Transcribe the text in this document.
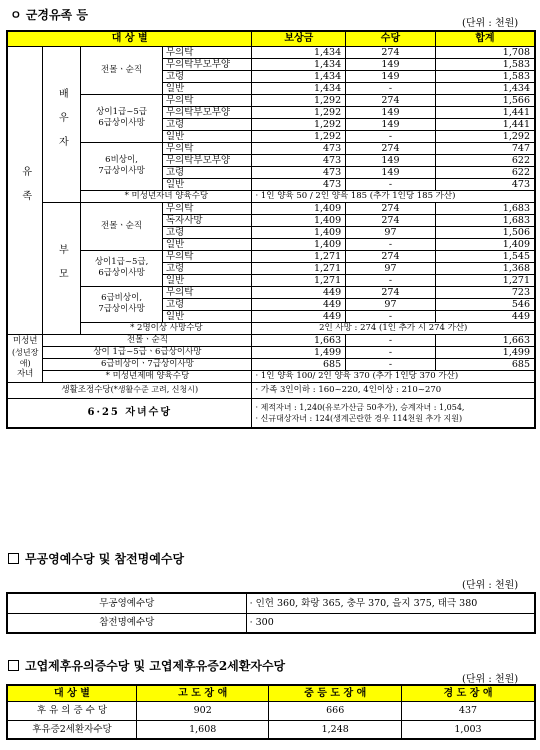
ㅇ 군경유족 등
(단위 : 천원)
대 상 별				보상금	수당	합계
유족	배우자	전몰ㆍ순직	무의탁	1,434	274	1,708
			무의탁부모부양	1,434	149	1,583
			고령	1,434	149	1,583
			일반	1,434	-	1,434
		상이1급~5급
6급상이사망	무의탁	1,292	274	1,566
			무의탁부모부양	1,292	149	1,441
			고령	1,292	149	1,441
			일반	1,292	-	1,292
		6비상이,
7급상이사망	무의탁	473	274	747
			무의탁부모부양	473	149	622
			고령	473	149	622
			일반	473	-	473
		* 미성년자녀 양육수당		· 1인 양육 50 / 2인 양육 185 (추가 1인당 185 가산)		
	부모	전몰ㆍ순직	무의탁	1,409	274	1,683
			독자사망	1,409	274	1,683
			고령	1,409	97	1,506
			일반	1,409	-	1,409
		상이1급~5급,
6급상이사망	무의탁	1,271	274	1,545
			고령	1,271	97	1,368
			일반	1,271	-	1,271
		6급비상이,
7급상이사망	무의탁	449	274	723
			고령	449	97	546
			일반	449	-	449
		* 2명이상 사망수당		2인 사망 : 274 (1인 추가 시 274 가산)		

미성년
(성년장애)
자녀	전몰ㆍ순직			1,663	-	1,663
	상이 1급~5급ㆍ6급상이사망			1,499	-	1,499
	6급비상이ㆍ7급상이사망			685	-	685
	* 미성년제매 양육수당			· 1인 양육 100/ 2인 양육 370 (추가 1인당 370 가산)		
생활조정수당(*생활수준 고려, 신청시)				· 가족 3인이하 : 160~220, 4인이상 : 210~270		
6·25 자녀수당				· 제적자녀 : 1,240(유로가산금 50추가), 승계자녀 : 1,054,
· 신규대상자녀 : 124(생계곤란한 경우 114천원 추가 지원)		
무공영예수당 및 참전명예수당
(단위 : 천원)
무공영예수당	· 인헌 360, 화랑 365, 충무 370, 을지 375, 태극 380
참전명예수당	· 300
고엽제후유의증수당 및 고엽제후유증2세환자수당
(단위 : 천원)
대 상 별	고 도 장 애	중 등 도 장 애	경 도 장 애
후 유 의 증 수 당	902	666	437
후유증2세환자수당	1,608	1,248	1,003
